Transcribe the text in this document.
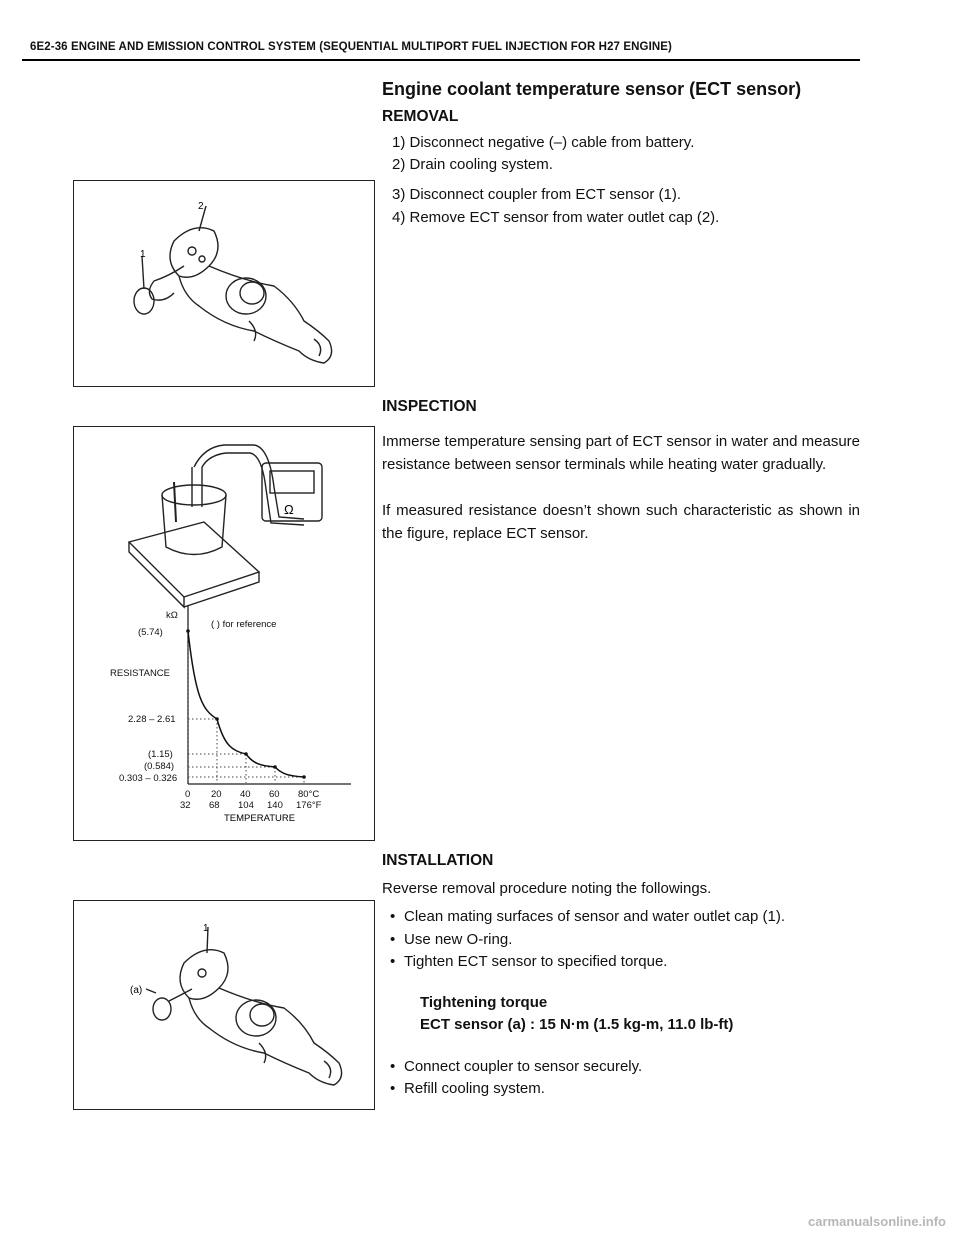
6E2-36 ENGINE AND EMISSION CONTROL SYSTEM (SEQUENTIAL MULTIPORT FUEL INJECTION FOR H27 ENGINE)
Engine coolant temperature sensor (ECT sensor)
REMOVAL
1) Disconnect negative (–) cable from battery.
2) Drain cooling system.
3) Disconnect coupler from ECT sensor (1).
4) Remove ECT sensor from water outlet cap (2).
2
1
INSPECTION

Immerse temperature sensing part of ECT sensor in water and measure resistance between sensor terminals while heating water gradually.

If measured resistance doesn’t shown such characteristic as shown in the figure, replace ECT sensor.

Ω
kΩ
( ) for reference
(5.74)
RESISTANCE
2.28 – 2.61
(1.15)
(0.584)
0.303 – 0.326
0
32
20
68
40
104
60
140
80°C
176°F
TEMPERATURE
INSTALLATION
Reverse removal procedure noting the followings.
• Clean mating surfaces of sensor and water outlet cap (1).
• Use new O-ring.
• Tighten ECT sensor to specified torque.
Tightening torque
ECT sensor (a) : 15 N·m (1.5 kg-m, 11.0 lb-ft)
• Connect coupler to sensor securely.
• Refill cooling system.
1
(a)
carmanualsonline.info
